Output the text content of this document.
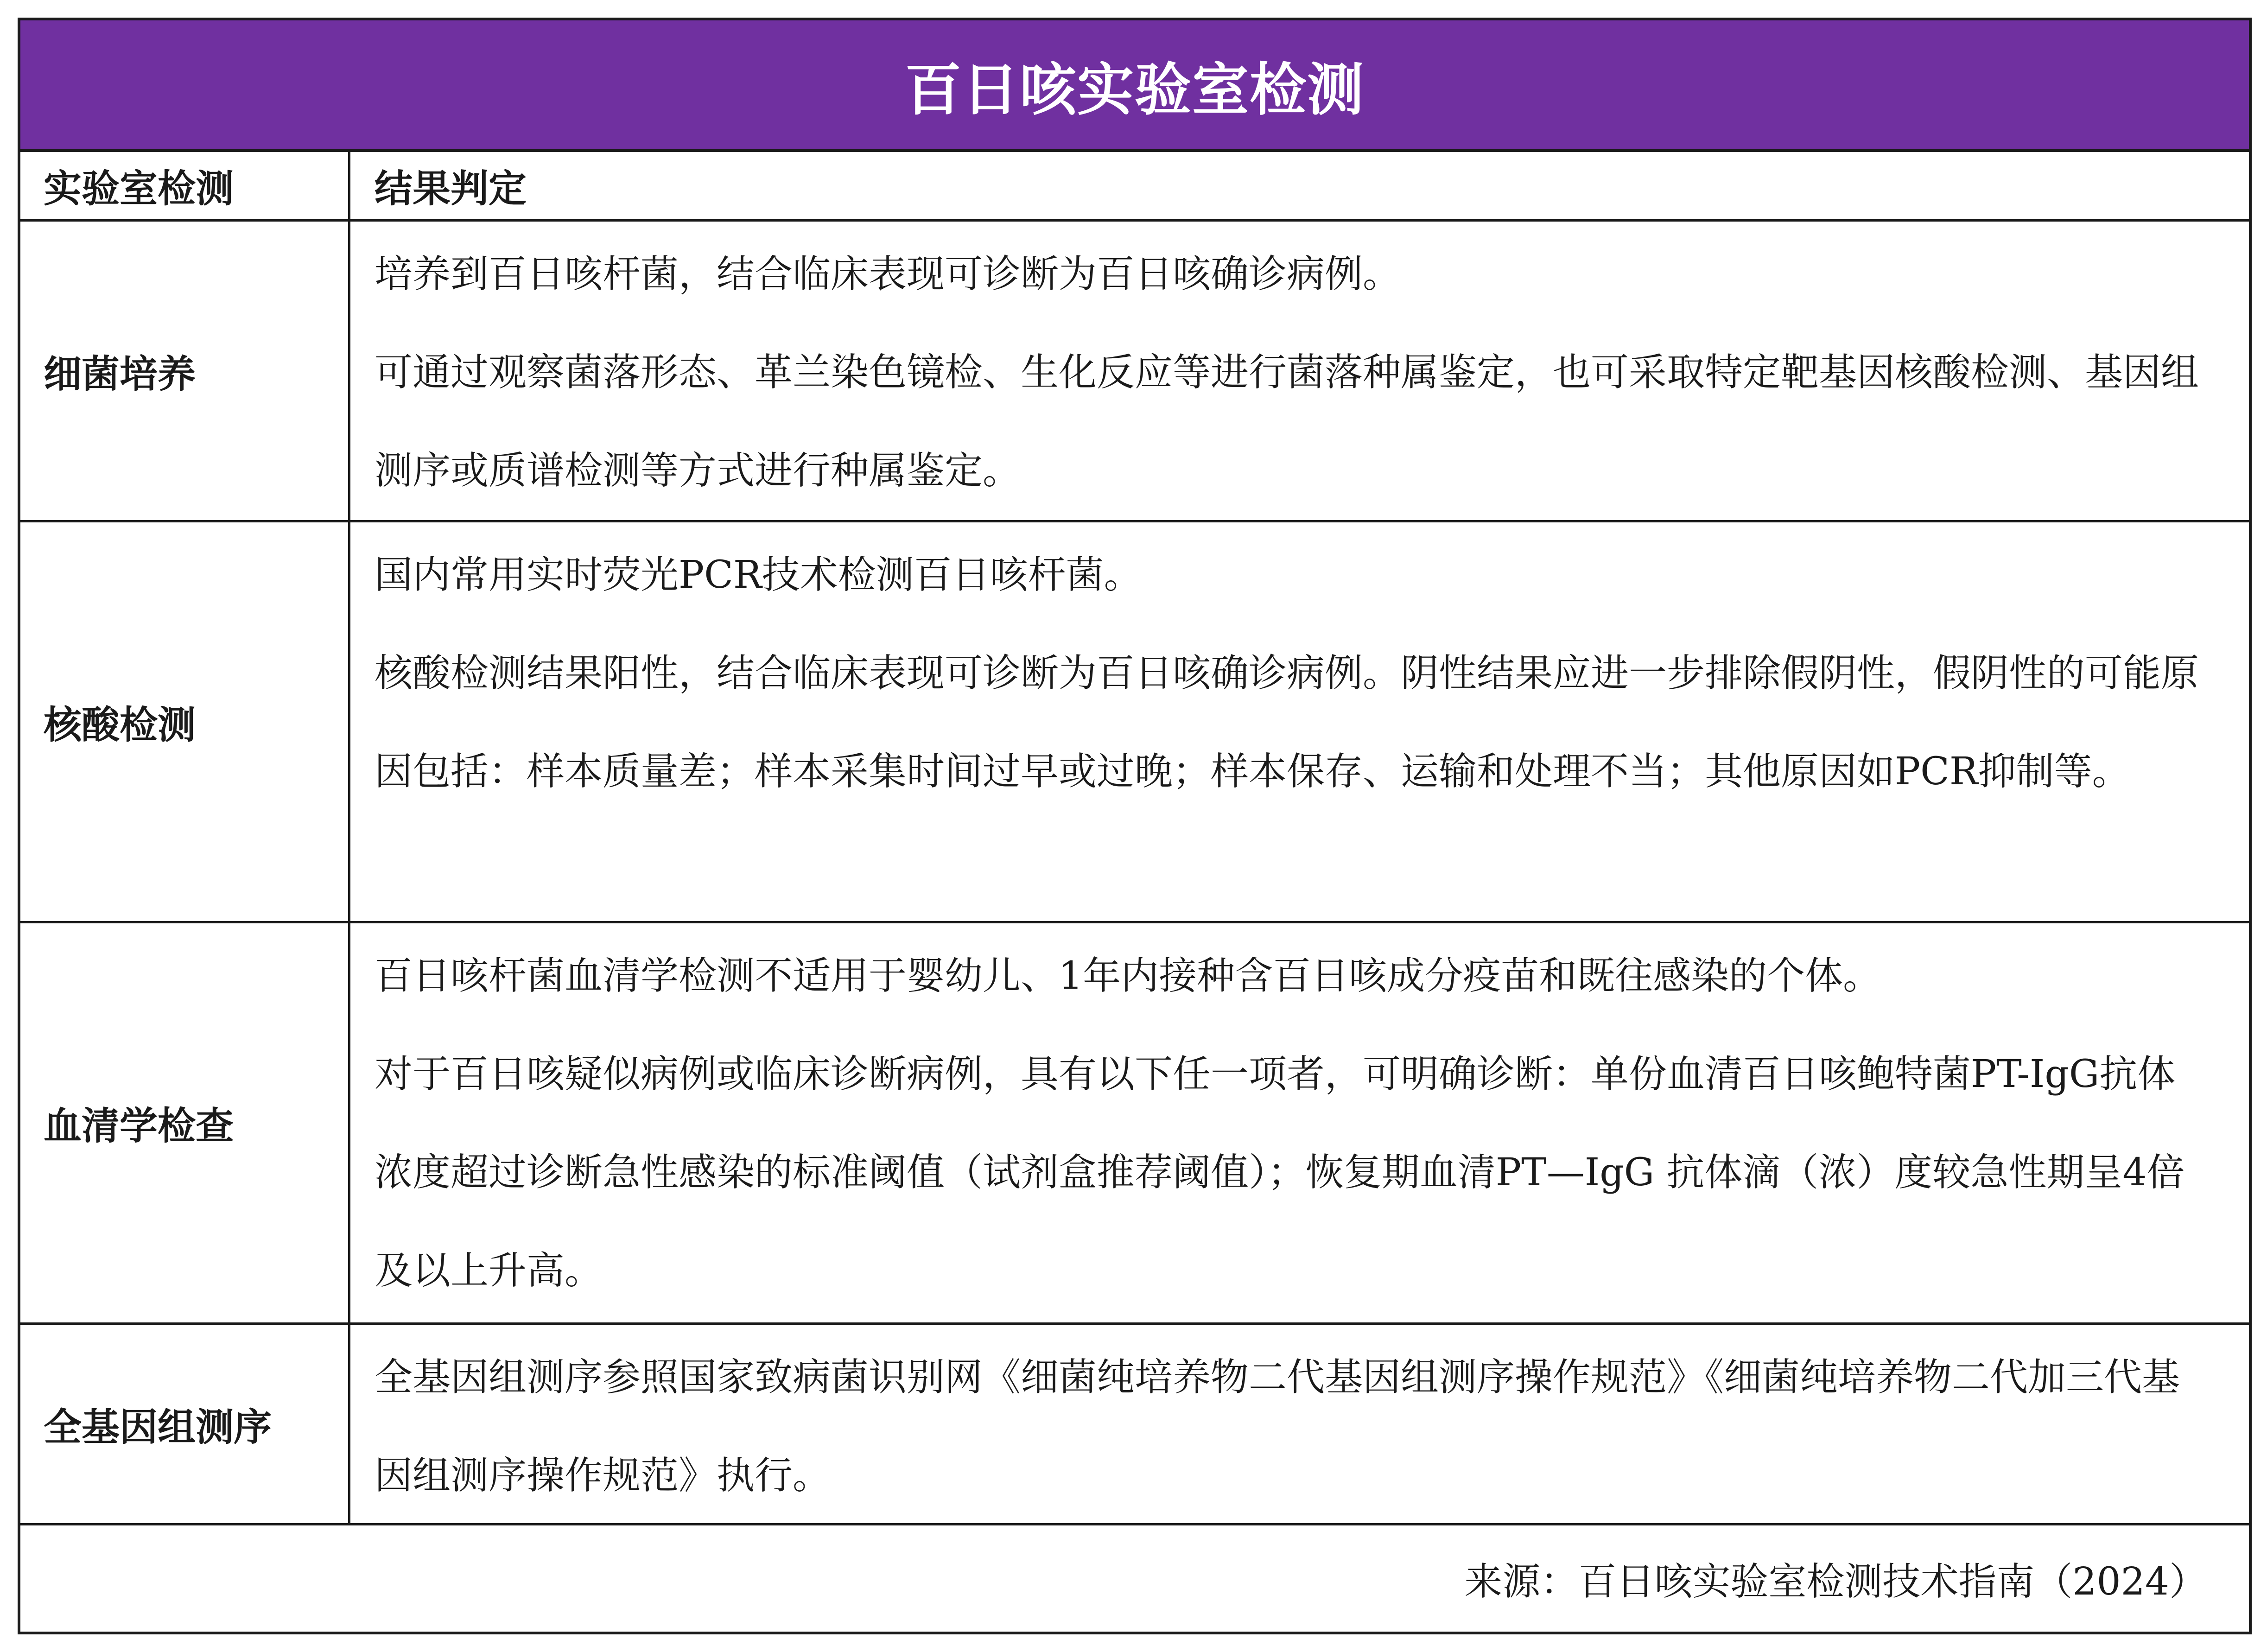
百日咳实验室检测
实验室检测	结果判定
细菌培养

培养到百日咳杆菌，结合临床表现可诊断为百日咳确诊病例。

可通过观察菌落形态、革兰染色镜检、生化反应等进行菌落种属鉴定，也可采取特定靶基因核酸检测、基因组测序或质谱检测等方式进行种属鉴定。

核酸检测

国内常用实时荧光PCR技术检测百日咳杆菌。

核酸检测结果阳性，结合临床表现可诊断为百日咳确诊病例。阴性结果应进一步排除假阴性，假阴性的可能原因包括：样本质量差；样本采集时间过早或过晚；样本保存、运输和处理不当；其他原因如PCR抑制等。

血清学检查

百日咳杆菌血清学检测不适用于婴幼儿、1年内接种含百日咳成分疫苗和既往感染的个体。

对于百日咳疑似病例或临床诊断病例，具有以下任一项者，可明确诊断：单份血清百日咳鲍特菌PT-IgG抗体浓度超过诊断急性感染的标准阈值（试剂盒推荐阈值）；恢复期血清PT—IgG 抗体滴（浓）度较急性期呈4倍及以上升高。

全基因组测序

全基因组测序参照国家致病菌识别网《细菌纯培养物二代基因组测序操作规范》《细菌纯培养物二代加三代基因组测序操作规范》执行。

来源：百日咳实验室检测技术指南（2024）
